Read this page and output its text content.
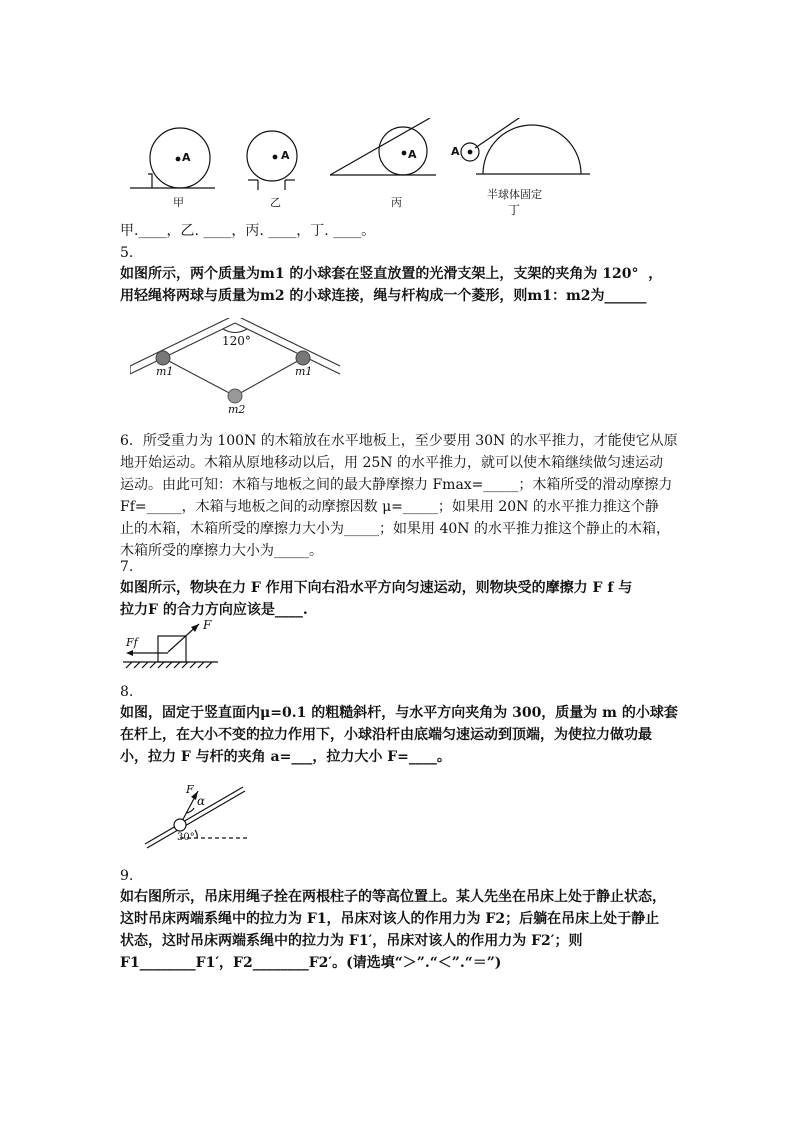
A	A	A	A
甲	乙	丙
半球体固定
丁
甲.____，乙. ____，丙. ____，丁. ____。
5.
如图所示，两个质量为m1 的小球套在竖直放置的光滑支架上，支架的夹角为 120°  ，
用轻绳将两球与质量为m2 的小球连接，绳与杆构成一个菱形，则m1：m2为______
120°
m1	m1
m2
6．所受重力为 100N 的木箱放在水平地板上，至少要用 30N 的水平推力，才能使它从原
地开始运动。木箱从原地移动以后，用 25N 的水平推力，就可以使木箱继续做匀速运动
运动。由此可知：木箱与地板之间的最大静摩擦力 Fmax=_____；木箱所受的滑动摩擦力
Ff=_____，木箱与地板之间的动摩擦因数 μ=_____；如果用 20N 的水平推力推这个静
止的木箱，木箱所受的摩擦力大小为_____；如果用 40N 的水平推力推这个静止的木箱，
木箱所受的摩擦力大小为_____。
7.
如图所示，物块在力 F 作用下向右沿水平方向匀速运动，则物块受的摩擦力 F f 与
拉力F 的合力方向应该是____.
F
Ff
8.
如图，固定于竖直面内μ=0.1 的粗糙斜杆，与水平方向夹角为 300，质量为 m 的小球套
在杆上，在大小不变的拉力作用下，小球沿杆由底端匀速运动到顶端，为使拉力做功最
小，拉力 F 与杆的夹角 a=___，拉力大小 F=____。
F
α
30°
9.
如右图所示，吊床用绳子拴在两根柱子的等高位置上。某人先坐在吊床上处于静止状态，
这时吊床两端系绳中的拉力为 F1，吊床对该人的作用力为 F2；后躺在吊床上处于静止
状态，这时吊床两端系绳中的拉力为 F1′，吊床对该人的作用力为 F2′；则
F1________F1′，F2________F2′。(请选填“＞”.“＜”.“＝”)
